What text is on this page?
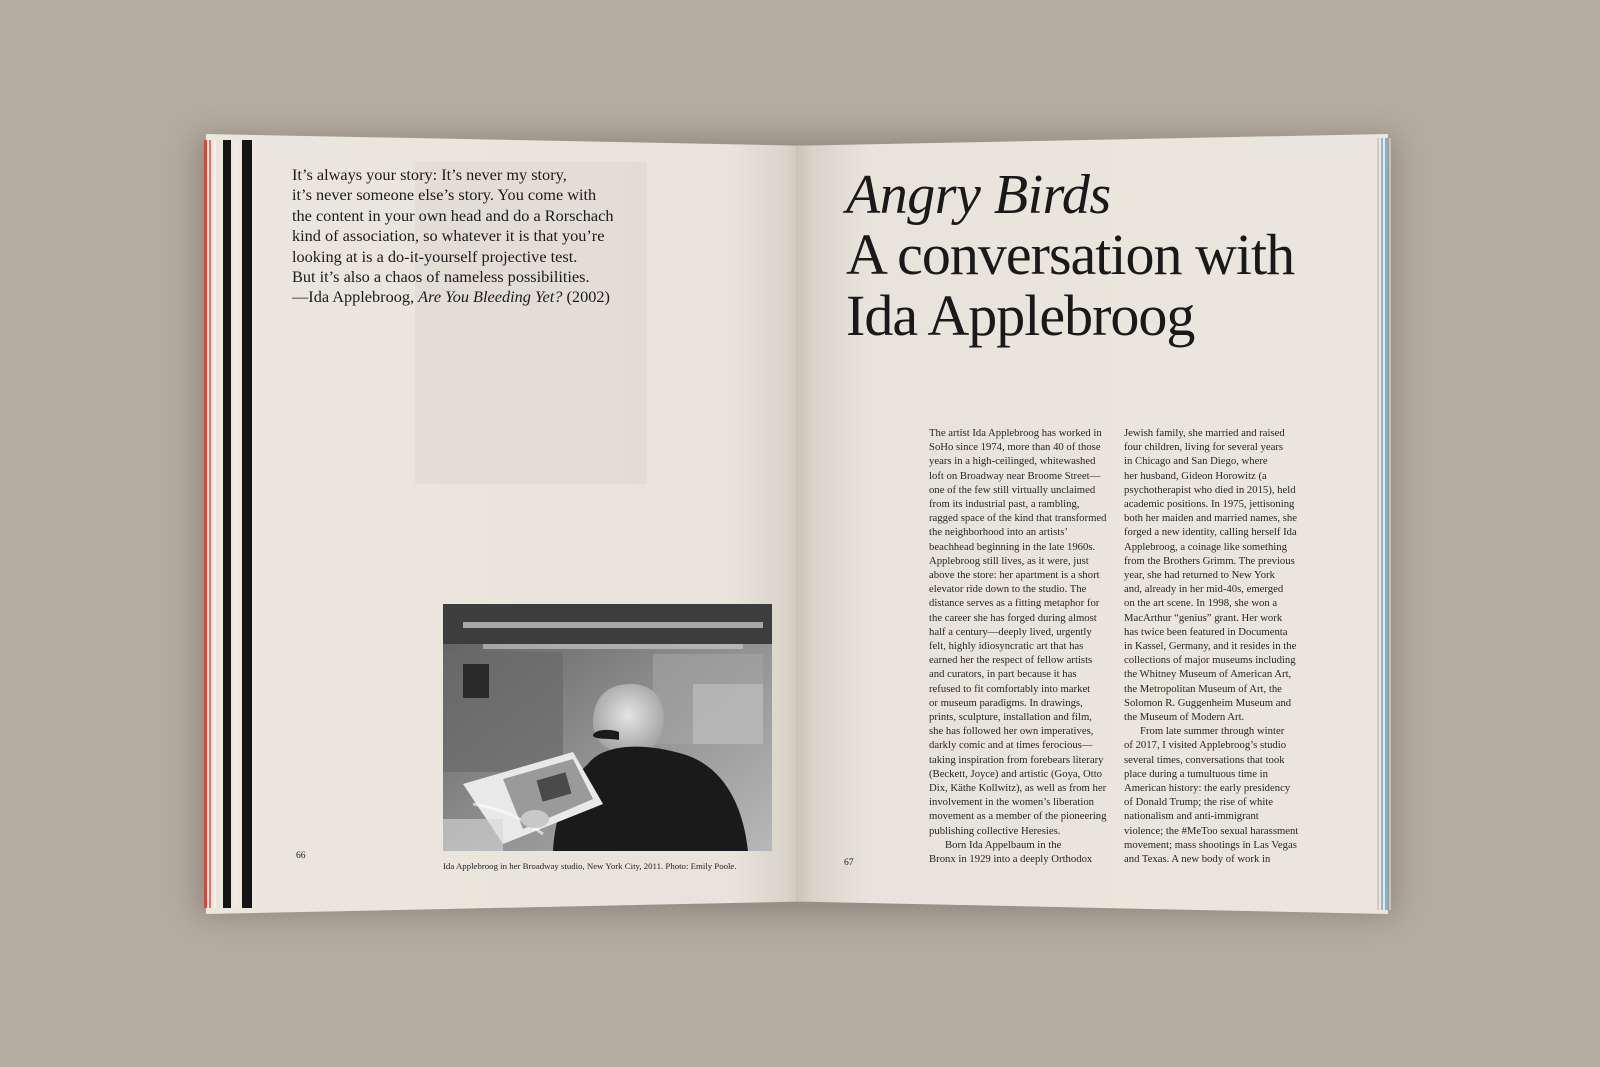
It’s always your story: It’s never my story,
it’s never someone else’s story. You come with
the content in your own head and do a Rorschach
kind of association, so whatever it is that you’re
looking at is a do-it-yourself projective test.
But it’s also a chaos of nameless possibilities.
—Ida Applebroog, Are You Bleeding Yet? (2002)
Ida Applebroog in her Broadway studio, New York City, 2011. Photo: Emily Poole.
66
Angry Birds
A conversation with
Ida Applebroog
The artist Ida Applebroog has worked in
SoHo since 1974, more than 40 of those
years in a high-ceilinged, whitewashed
loft on Broadway near Broome Street—
one of the few still virtually unclaimed
from its industrial past, a rambling,
ragged space of the kind that transformed
the neighborhood into an artists’
beachhead beginning in the late 1960s.
Applebroog still lives, as it were, just
above the store: her apartment is a short
elevator ride down to the studio. The
distance serves as a fitting metaphor for
the career she has forged during almost
half a century—deeply lived, urgently
felt, highly idiosyncratic art that has
earned her the respect of fellow artists
and curators, in part because it has
refused to fit comfortably into market
or museum paradigms. In drawings,
prints, sculpture, installation and film,
she has followed her own imperatives,
darkly comic and at times ferocious—
taking inspiration from forebears literary
(Beckett, Joyce) and artistic (Goya, Otto
Dix, Käthe Kollwitz), as well as from her
involvement in the women’s liberation
movement as a member of the pioneering
publishing collective Heresies.
Born Ida Appelbaum in the
Bronx in 1929 into a deeply Orthodox
Jewish family, she married and raised
four children, living for several years
in Chicago and San Diego, where
her husband, Gideon Horowitz (a
psychotherapist who died in 2015), held
academic positions. In 1975, jettisoning
both her maiden and married names, she
forged a new identity, calling herself Ida
Applebroog, a coinage like something
from the Brothers Grimm. The previous
year, she had returned to New York
and, already in her mid-40s, emerged
on the art scene. In 1998, she won a
MacArthur “genius” grant. Her work
has twice been featured in Documenta
in Kassel, Germany, and it resides in the
collections of major museums including
the Whitney Museum of American Art,
the Metropolitan Museum of Art, the
Solomon R. Guggenheim Museum and
the Museum of Modern Art.
From late summer through winter
of 2017, I visited Applebroog’s studio
several times, conversations that took
place during a tumultuous time in
American history: the early presidency
of Donald Trump; the rise of white
nationalism and anti-immigrant
violence; the #MeToo sexual harassment
movement; mass shootings in Las Vegas
and Texas. A new body of work in
67
